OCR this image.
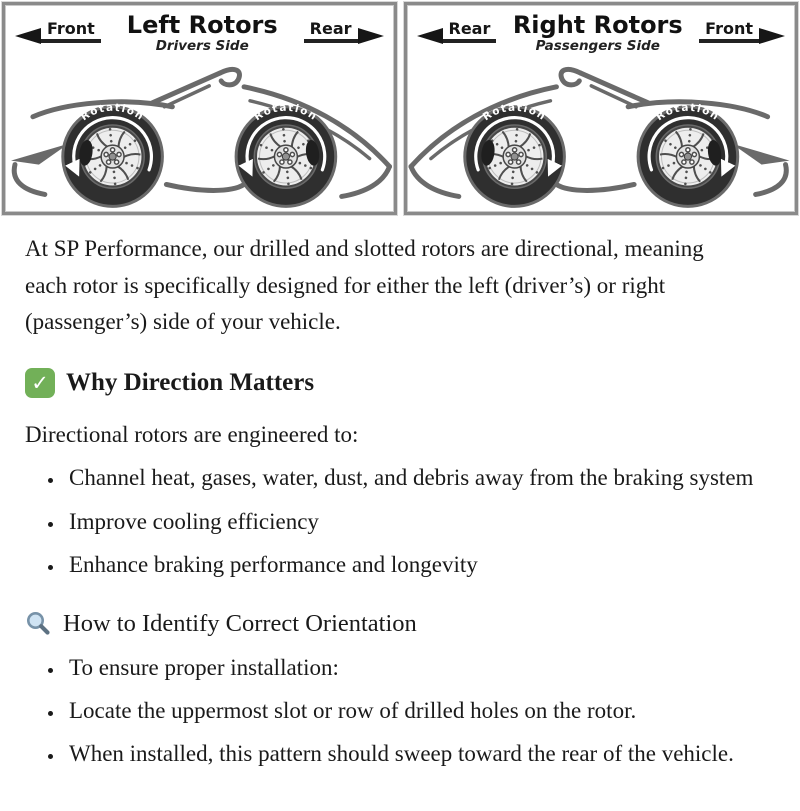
Front	Left Rotors
Drivers Side
Rear
Rotation	Rotation
Rear Right Rotors
Passengers Side
Front
Rotation	Rotation

At SP Performance, our drilled and slotted rotors are directional, meaning each rotor is specifically designed for either the left (driver’s) or right (passenger’s) side of your vehicle.

✓ Why Direction Matters

Directional rotors are engineered to:

• Channel heat, gases, water, dust, and debris away from the braking system
• Improve cooling efficiency
• Enhance braking performance and longevity
How to Identify Correct Orientation
• To ensure proper installation:
• Locate the uppermost slot or row of drilled holes on the rotor.
• When installed, this pattern should sweep toward the rear of the vehicle.
